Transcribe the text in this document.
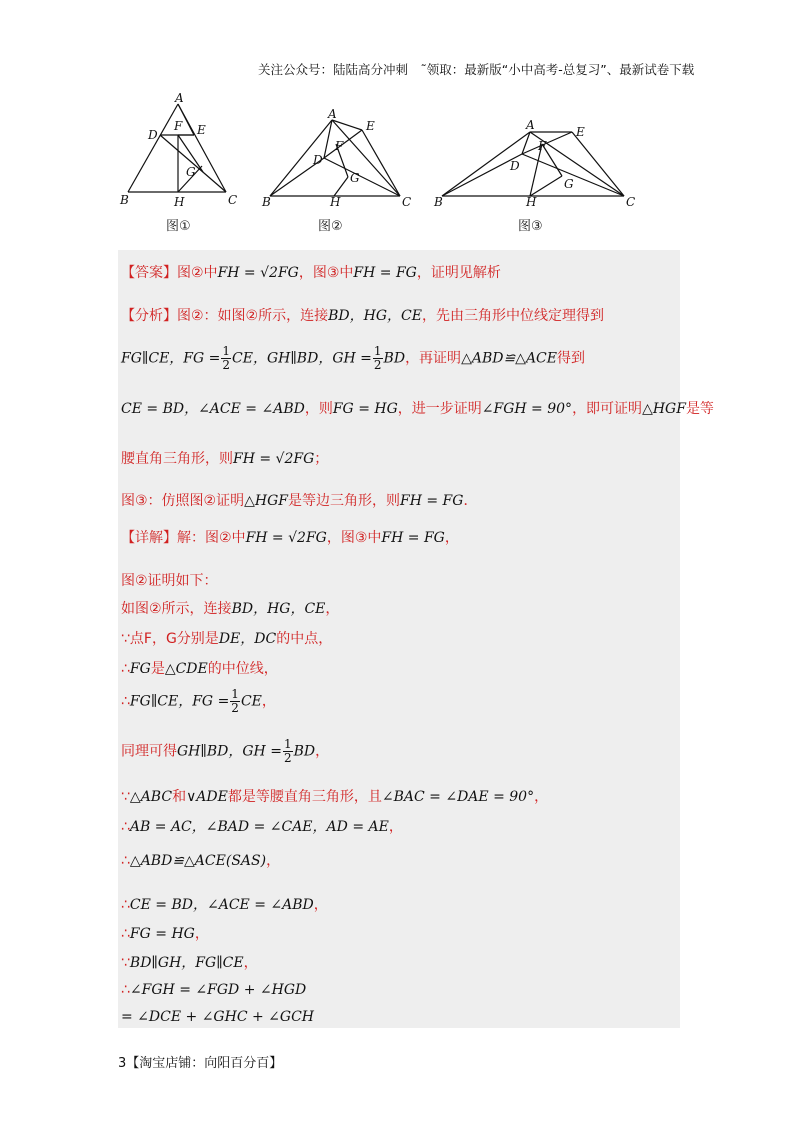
关注公众号：陆陆高分冲刺　˜领取：最新版“小中高考-总复习”、最新试卷下载
A
D
F E
G
B	H	C
A
E
F
D
G
B	H	C
A	E
F
D
G
B	H	C
图①	图②	图③
【答案】图②中FH = √2FG，图③中FH = FG，证明见解析
【分析】图②：如图②所示，连接BD，HG，CE，先由三角形中位线定理得到
FG∥CE，FG = $\frac{1}{2}$ CE，GH∥BD，GH = $\frac{1}{2}$ BD，再证明△ABD≌△ACE得到
CE = BD，∠ACE = ∠ABD，则FG = HG，进一步证明∠FGH = 90°，即可证明△HGF是等
腰直角三角形，则FH = √2FG；
图③：仿照图②证明△HGF是等边三角形，则FH = FG．
【详解】解：图②中FH = √2FG，图③中FH = FG，
图②证明如下：
如图②所示，连接BD，HG，CE，
∵点F，G分别是DE，DC的中点，
∴FG是△CDE的中位线，
∴FG∥CE，FG = $\frac{1}{2}$ CE，
同理可得GH∥BD，GH = $\frac{1}{2}$ BD，
∵△ABC和∨ADE都是等腰直角三角形，且∠BAC = ∠DAE = 90°，
∴AB = AC，∠BAD = ∠CAE，AD = AE，
∴△ABD≌△ACE(SAS)，
∴CE = BD，∠ACE = ∠ABD，
∴FG = HG，
∵BD∥GH，FG∥CE，
∴∠FGH = ∠FGD + ∠HGD
= ∠DCE + ∠GHC + ∠GCH
3【淘宝店铺：向阳百分百】
